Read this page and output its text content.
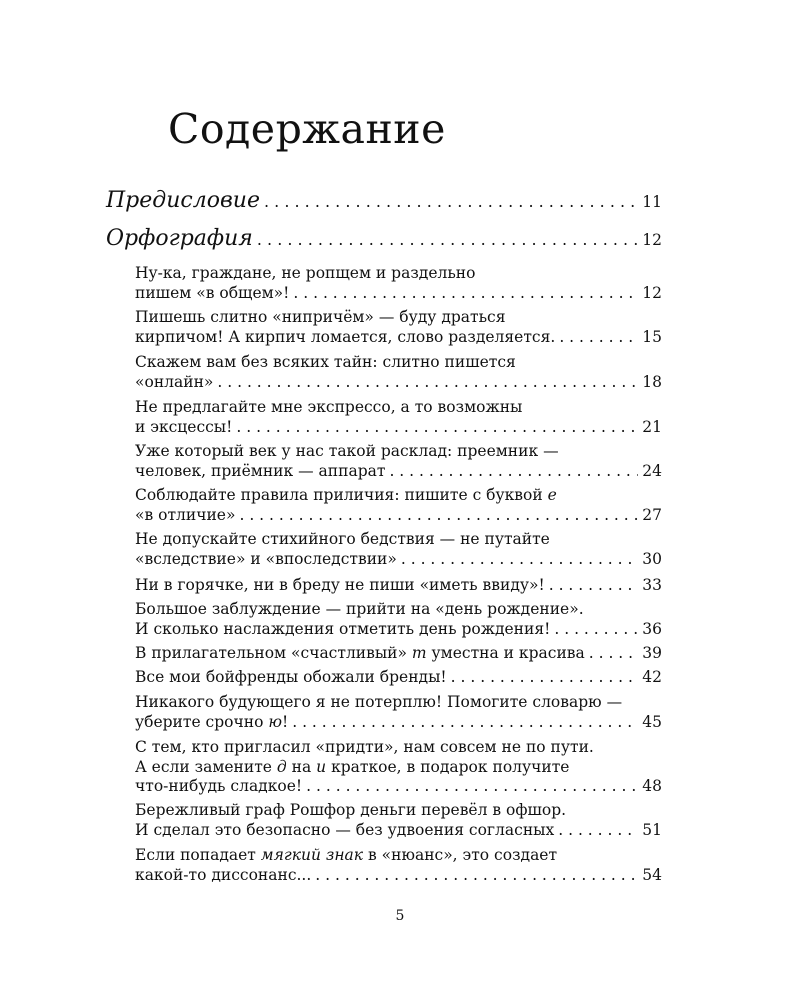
Содержание
Предисловие . . .	11
Орфография . . .	12
Ну-ка, граждане, не ропщем и раздельно
пишем «в общем»! . . .	12
Пишешь слитно «нипричём» — буду драться
кирпичом! А кирпич ломается, слово разделяется. . . .	15
Скажем вам без всяких тайн: слитно пишется
«онлайн» . . .	18
Не предлагайте мне экспрессо, а то возможны
и эксцессы! . . .	21
Уже который век у нас такой расклад: преемник —
человек, приёмник — аппарат . . .	24
Соблюдайте правила приличия: пишите с буквой е
«в отличие» . . .	27
Не допускайте стихийного бедствия — не путайте
«вследствие» и «впоследствии» . . .	30
Ни в горячке, ни в бреду не пиши «иметь ввиду»! . . .	33
Большое заблуждение — прийти на «день рождение».
И сколько наслаждения отметить день рождения! . . .	36
В прилагательном «счастливый» т уместна и красива . . .	39
Все мои бойфренды обожали бренды! . . .	42
Никакого будующего я не потерплю! Помогите словарю —
уберите срочно ю! . . .	45
С тем, кто пригласил «придти», нам совсем не по пути.
А если замените д на и краткое, в подарок получите
что-нибудь сладкое! . . .	48
Бережливый граф Рошфор деньги перевёл в офшор.
И сделал это безопасно — без удвоения согласных . . .	51
Если попадает мягкий знак в «нюанс», это создает
какой-то диссонанс... . . .	54
5
